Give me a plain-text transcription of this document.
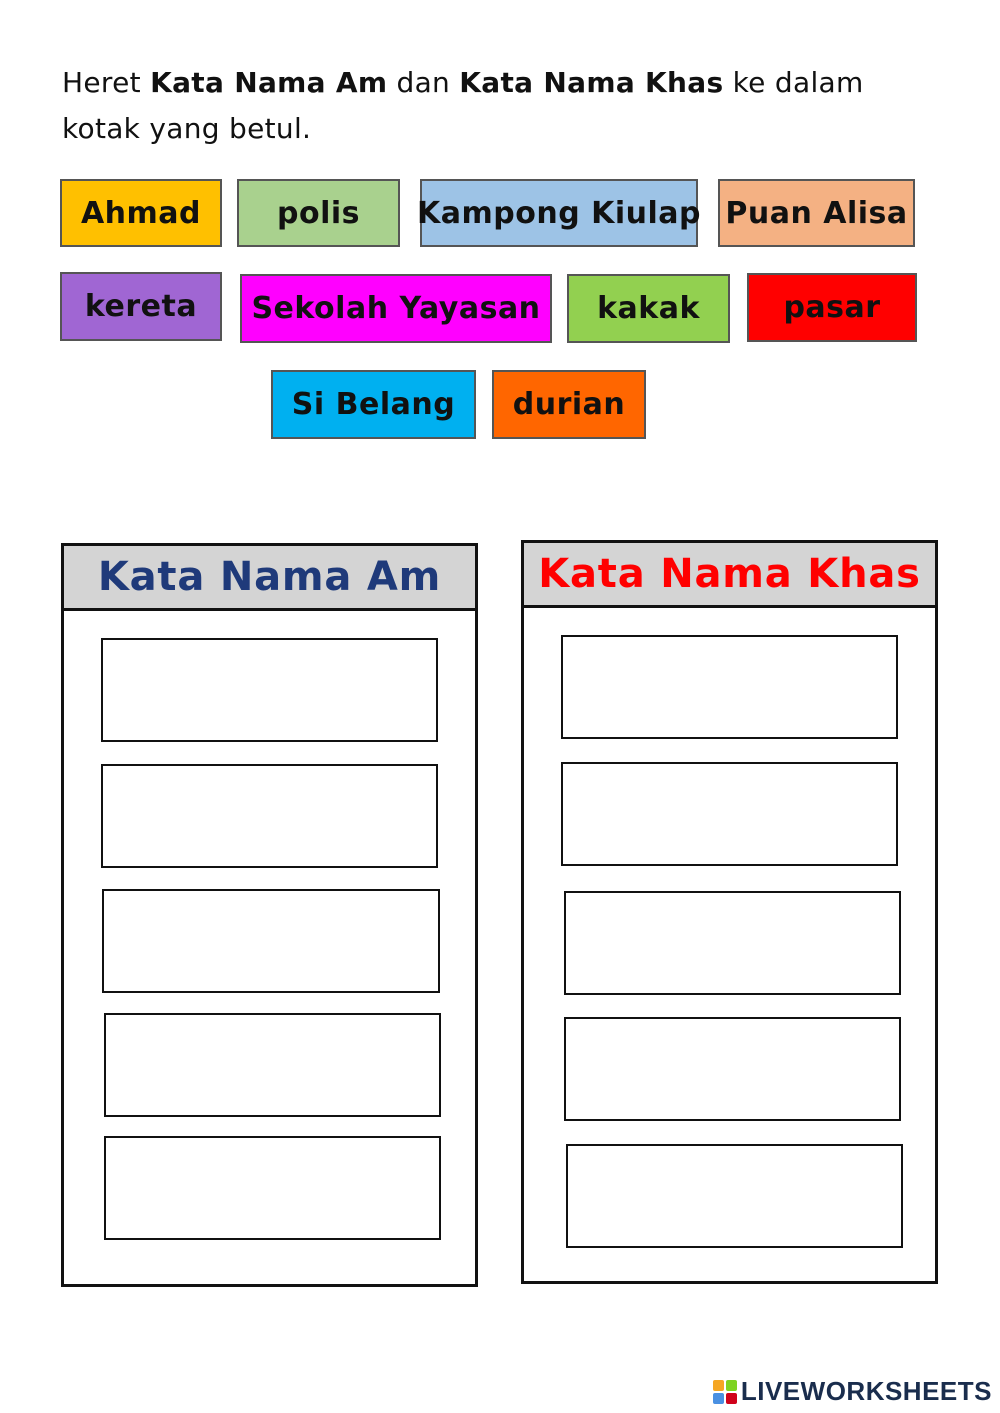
Heret Kata Nama Am dan Kata Nama Khas ke dalam kotak yang betul.
Ahmad	polis	Kampong Kiulap Puan Alisa
kereta	Sekolah Yayasan	kakak	pasar
Si Belang	durian
Kata Nama Am	Kata Nama Khas
LIVEWORKSHEETS
